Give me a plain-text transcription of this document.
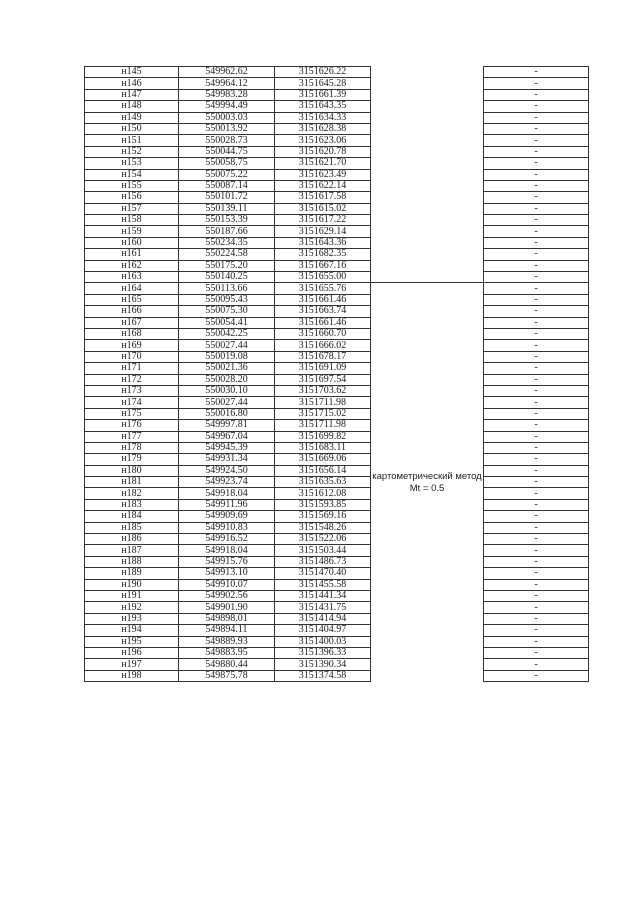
н145	549962.62	3151626.22		-
н146	549964.12	3151645.28		-
н147	549983.28	3151661.39		-
н148	549994.49	3151643.35		-
н149	550003.03	3151634.33		-
н150	550013.92	3151628.38		-
н151	550028.73	3151623.06		-
н152	550044.75	3151620.78		-
н153	550058.75	3151621.70		-
н154	550075.22	3151623.49		-
н155	550087.14	3151622.14		-
н156	550101.72	3151617.58		-
н157	550139.11	3151615.02		-
н158	550153.39	3151617.22		-
н159	550187.66	3151629.14		-
н160	550234.35	3151643.36		-
н161	550224.58	3151682.35		-
н162	550175.20	3151667.16		-
н163	550140.25	3151655.00		-
н164	550113.66	3151655.76	картометрический метод Mt = 0.5	-
н165	550095.43	3151661.46		-
н166	550075.30	3151663.74		-
н167	550054.41	3151661.46		-
н168	550042.25	3151660.70		-
н169	550027.44	3151666.02		-
н170	550019.08	3151678.17		-
н171	550021.36	3151691.09		-
н172	550028.20	3151697.54		-
н173	550030.10	3151703.62		-
н174	550027.44	3151711.98		-
н175	550016.80	3151715.02		-
н176	549997.81	3151711.98		-
н177	549967.04	3151699.82		-
н178	549945.39	3151683.11		-
н179	549931.34	3151669.06		-
н180	549924.50	3151656.14		-
н181	549923.74	3151635.63		-
н182	549918.04	3151612.08		-
н183	549911.96	3151593.85		-
н184	549909.69	3151569.16		-
н185	549910.83	3151548.26		-
н186	549916.52	3151522.06		-
н187	549918.04	3151503.44		-
н188	549915.76	3151486.73		-
н189	549913.10	3151470.40		-
н190	549910.07	3151455.58		-
н191	549902.56	3151441.34		-
н192	549901.90	3151431.75		-
н193	549898.01	3151414.94		-
н194	549894.11	3151404.97		-
н195	549889.93	3151400.03		-
н196	549883.95	3151396.33		-
н197	549880.44	3151390.34		-
н198	549875.78	3151374.58		-
